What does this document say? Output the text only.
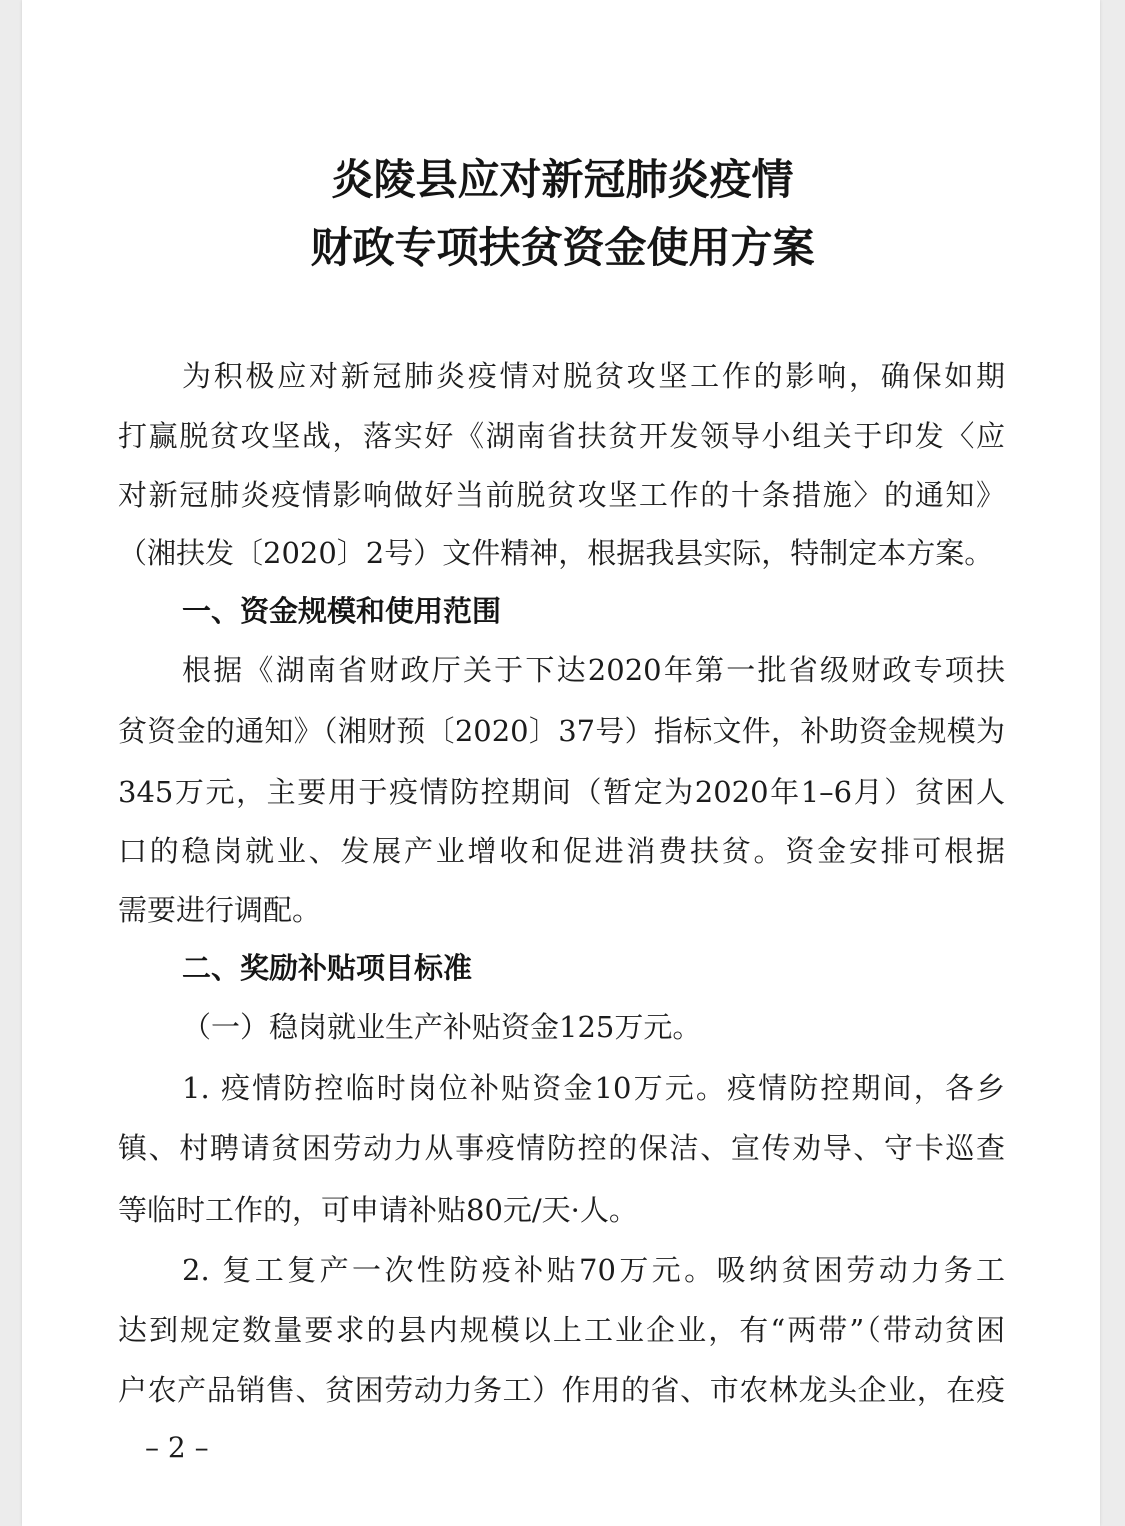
炎陵县应对新冠肺炎疫情
财政专项扶贫资金使用方案
为积极应对新冠肺炎疫情对脱贫攻坚工作的影响，确保如期
打赢脱贫攻坚战，落实好《湖南省扶贫开发领导小组关于印发〈应
对新冠肺炎疫情影响做好当前脱贫攻坚工作的十条措施〉的通知》
（湘扶发〔2020〕2号）文件精神，根据我县实际，特制定本方案。
一、资金规模和使用范围
根据《湖南省财政厅关于下达2020年第一批省级财政专项扶
贫资金的通知》（湘财预〔2020〕37号）指标文件，补助资金规模为
345万元，主要用于疫情防控期间（暂定为2020年1–6月）贫困人
口的稳岗就业、发展产业增收和促进消费扶贫。资金安排可根据
需要进行调配。
二、奖励补贴项目标准
（一）稳岗就业生产补贴资金125万元。
1. 疫情防控临时岗位补贴资金10万元。疫情防控期间，各乡
镇、村聘请贫困劳动力从事疫情防控的保洁、宣传劝导、守卡巡查
等临时工作的，可申请补贴80元/天·人。
2. 复工复产一次性防疫补贴70万元。吸纳贫困劳动力务工
达到规定数量要求的县内规模以上工业企业，有“两带”（带动贫困
户农产品销售、贫困劳动力务工）作用的省、市农林龙头企业，在疫
– 2 –
